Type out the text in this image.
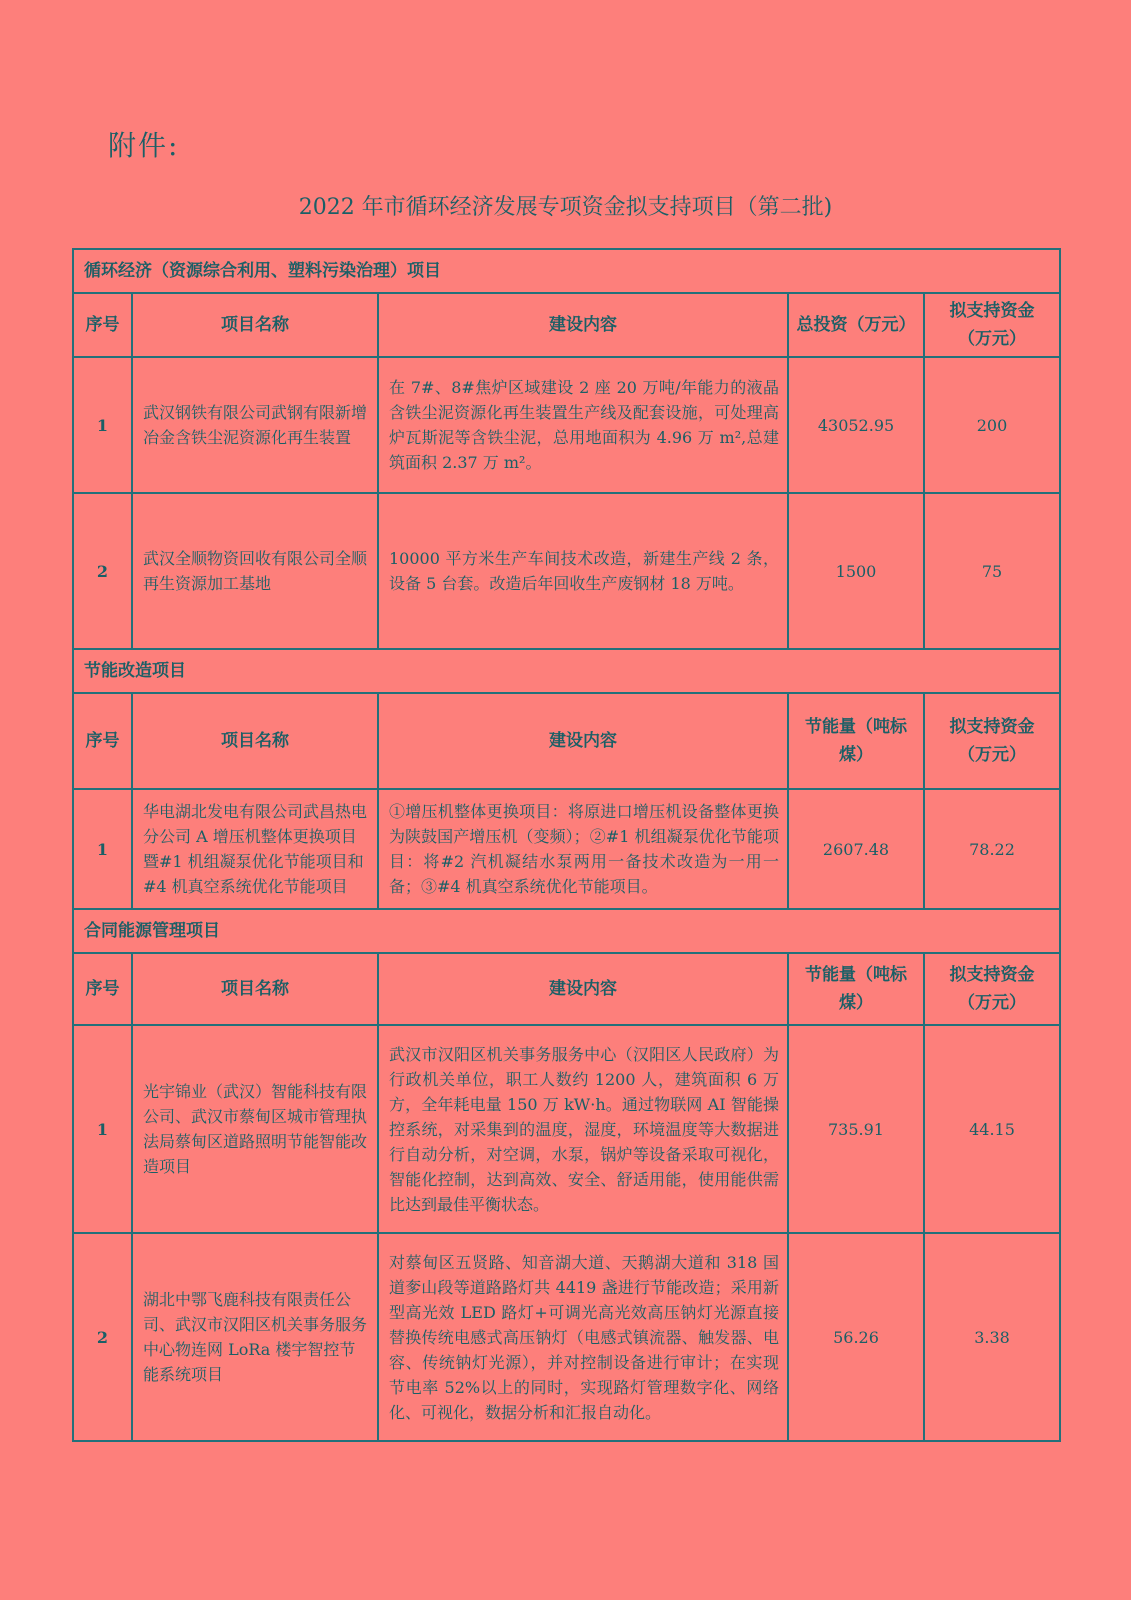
附件:
2022 年市循环经济发展专项资金拟支持项目（第二批)
循环经济（资源综合利用、塑料污染治理）项目				
序号	项目名称	建设内容	总投资（万元）	拟支持资金（万元）
1	武汉钢铁有限公司武钢有限新增冶金含铁尘泥资源化再生装置	在 7#、8#焦炉区域建设 2 座 20 万吨/年能力的液晶含铁尘泥资源化再生装置生产线及配套设施，可处理高炉瓦斯泥等含铁尘泥，总用地面积为 4.96 万 m²,总建筑面积 2.37 万 m²。	43052.95	200
2	武汉全顺物资回收有限公司全顺再生资源加工基地	10000 平方米生产车间技术改造，新建生产线 2 条，设备 5 台套。改造后年回收生产废钢材 18 万吨。	1500	75
节能改造项目				
序号	项目名称	建设内容	节能量（吨标煤）	拟支持资金（万元）
1	华电湖北发电有限公司武昌热电分公司 A 增压机整体更换项目暨#1 机组凝泵优化节能项目和#4 机真空系统优化节能项目	①增压机整体更换项目：将原进口增压机设备整体更换为陕鼓国产增压机（变频）；②#1 机组凝泵优化节能项目：将#2 汽机凝结水泵两用一备技术改造为一用一备；③#4 机真空系统优化节能项目。	2607.48	78.22
合同能源管理项目				
序号	项目名称	建设内容	节能量（吨标煤）	拟支持资金（万元）
1	光宇锦业（武汉）智能科技有限公司、武汉市蔡甸区城市管理执法局蔡甸区道路照明节能智能改造项目	武汉市汉阳区机关事务服务中心（汉阳区人民政府）为行政机关单位，职工人数约 1200 人，建筑面积 6 万方，全年耗电量 150 万 kW·h。通过物联网 AI 智能操控系统，对采集到的温度，湿度，环境温度等大数据进行自动分析，对空调，水泵，锅炉等设备采取可视化，智能化控制，达到高效、安全、舒适用能，使用能供需比达到最佳平衡状态。	735.91	44.15
2	湖北中鄂飞鹿科技有限责任公司、武汉市汉阳区机关事务服务中心物连网 LoRa 楼宇智控节能系统项目	对蔡甸区五贤路、知音湖大道、天鹅湖大道和 318 国道奓山段等道路路灯共 4419 盏进行节能改造；采用新型高光效 LED 路灯+可调光高光效高压钠灯光源直接替换传统电感式高压钠灯（电感式镇流器、触发器、电容、传统钠灯光源），并对控制设备进行审计；在实现节电率 52%以上的同时，实现路灯管理数字化、网络化、可视化，数据分析和汇报自动化。	56.26	3.38
